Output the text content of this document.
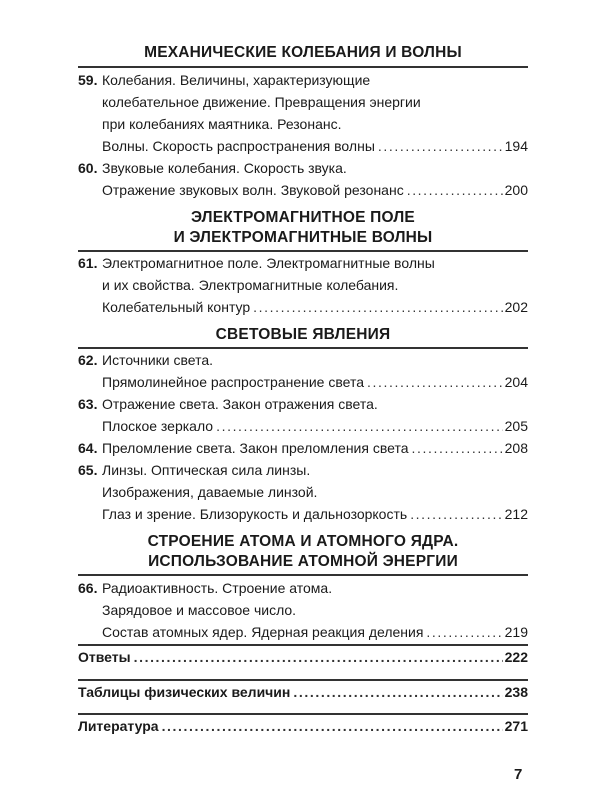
МЕХАНИЧЕСКИЕ КОЛЕБАНИЯ И ВОЛНЫ
59. Колебания. Величины, характеризующие
колебательное движение. Превращения энергии
при колебаниях маятника. Резонанс.
Волны. Скорость распространения волны .....	194
60. Звуковые колебания. Скорость звука.
Отражение звуковых волн. Звуковой резонанс .....	200
ЭЛЕКТРОМАГНИТНОЕ ПОЛЕ
И ЭЛЕКТРОМАГНИТНЫЕ ВОЛНЫ
61. Электромагнитное поле. Электромагнитные волны
и их свойства. Электромагнитные колебания.
Колебательный контур .....	202
СВЕТОВЫЕ ЯВЛЕНИЯ
62. Источники света.
Прямолинейное распространение света .....	204
63. Отражение света. Закон отражения света.
Плоское зеркало .....	205
64. Преломление света. Закон преломления света .....	208
65. Линзы. Оптическая сила линзы.
Изображения, даваемые линзой.
Глаз и зрение. Близорукость и дальнозоркость .....	212
СТРОЕНИЕ АТОМА И АТОМНОГО ЯДРА.
ИСПОЛЬЗОВАНИЕ АТОМНОЙ ЭНЕРГИИ
66. Радиоактивность. Строение атома.
Зарядовое и массовое число.
Состав атомных ядер. Ядерная реакция деления .....	219
Ответы .....	222
Таблицы физических величин .....	238
Литература .....	271
7
